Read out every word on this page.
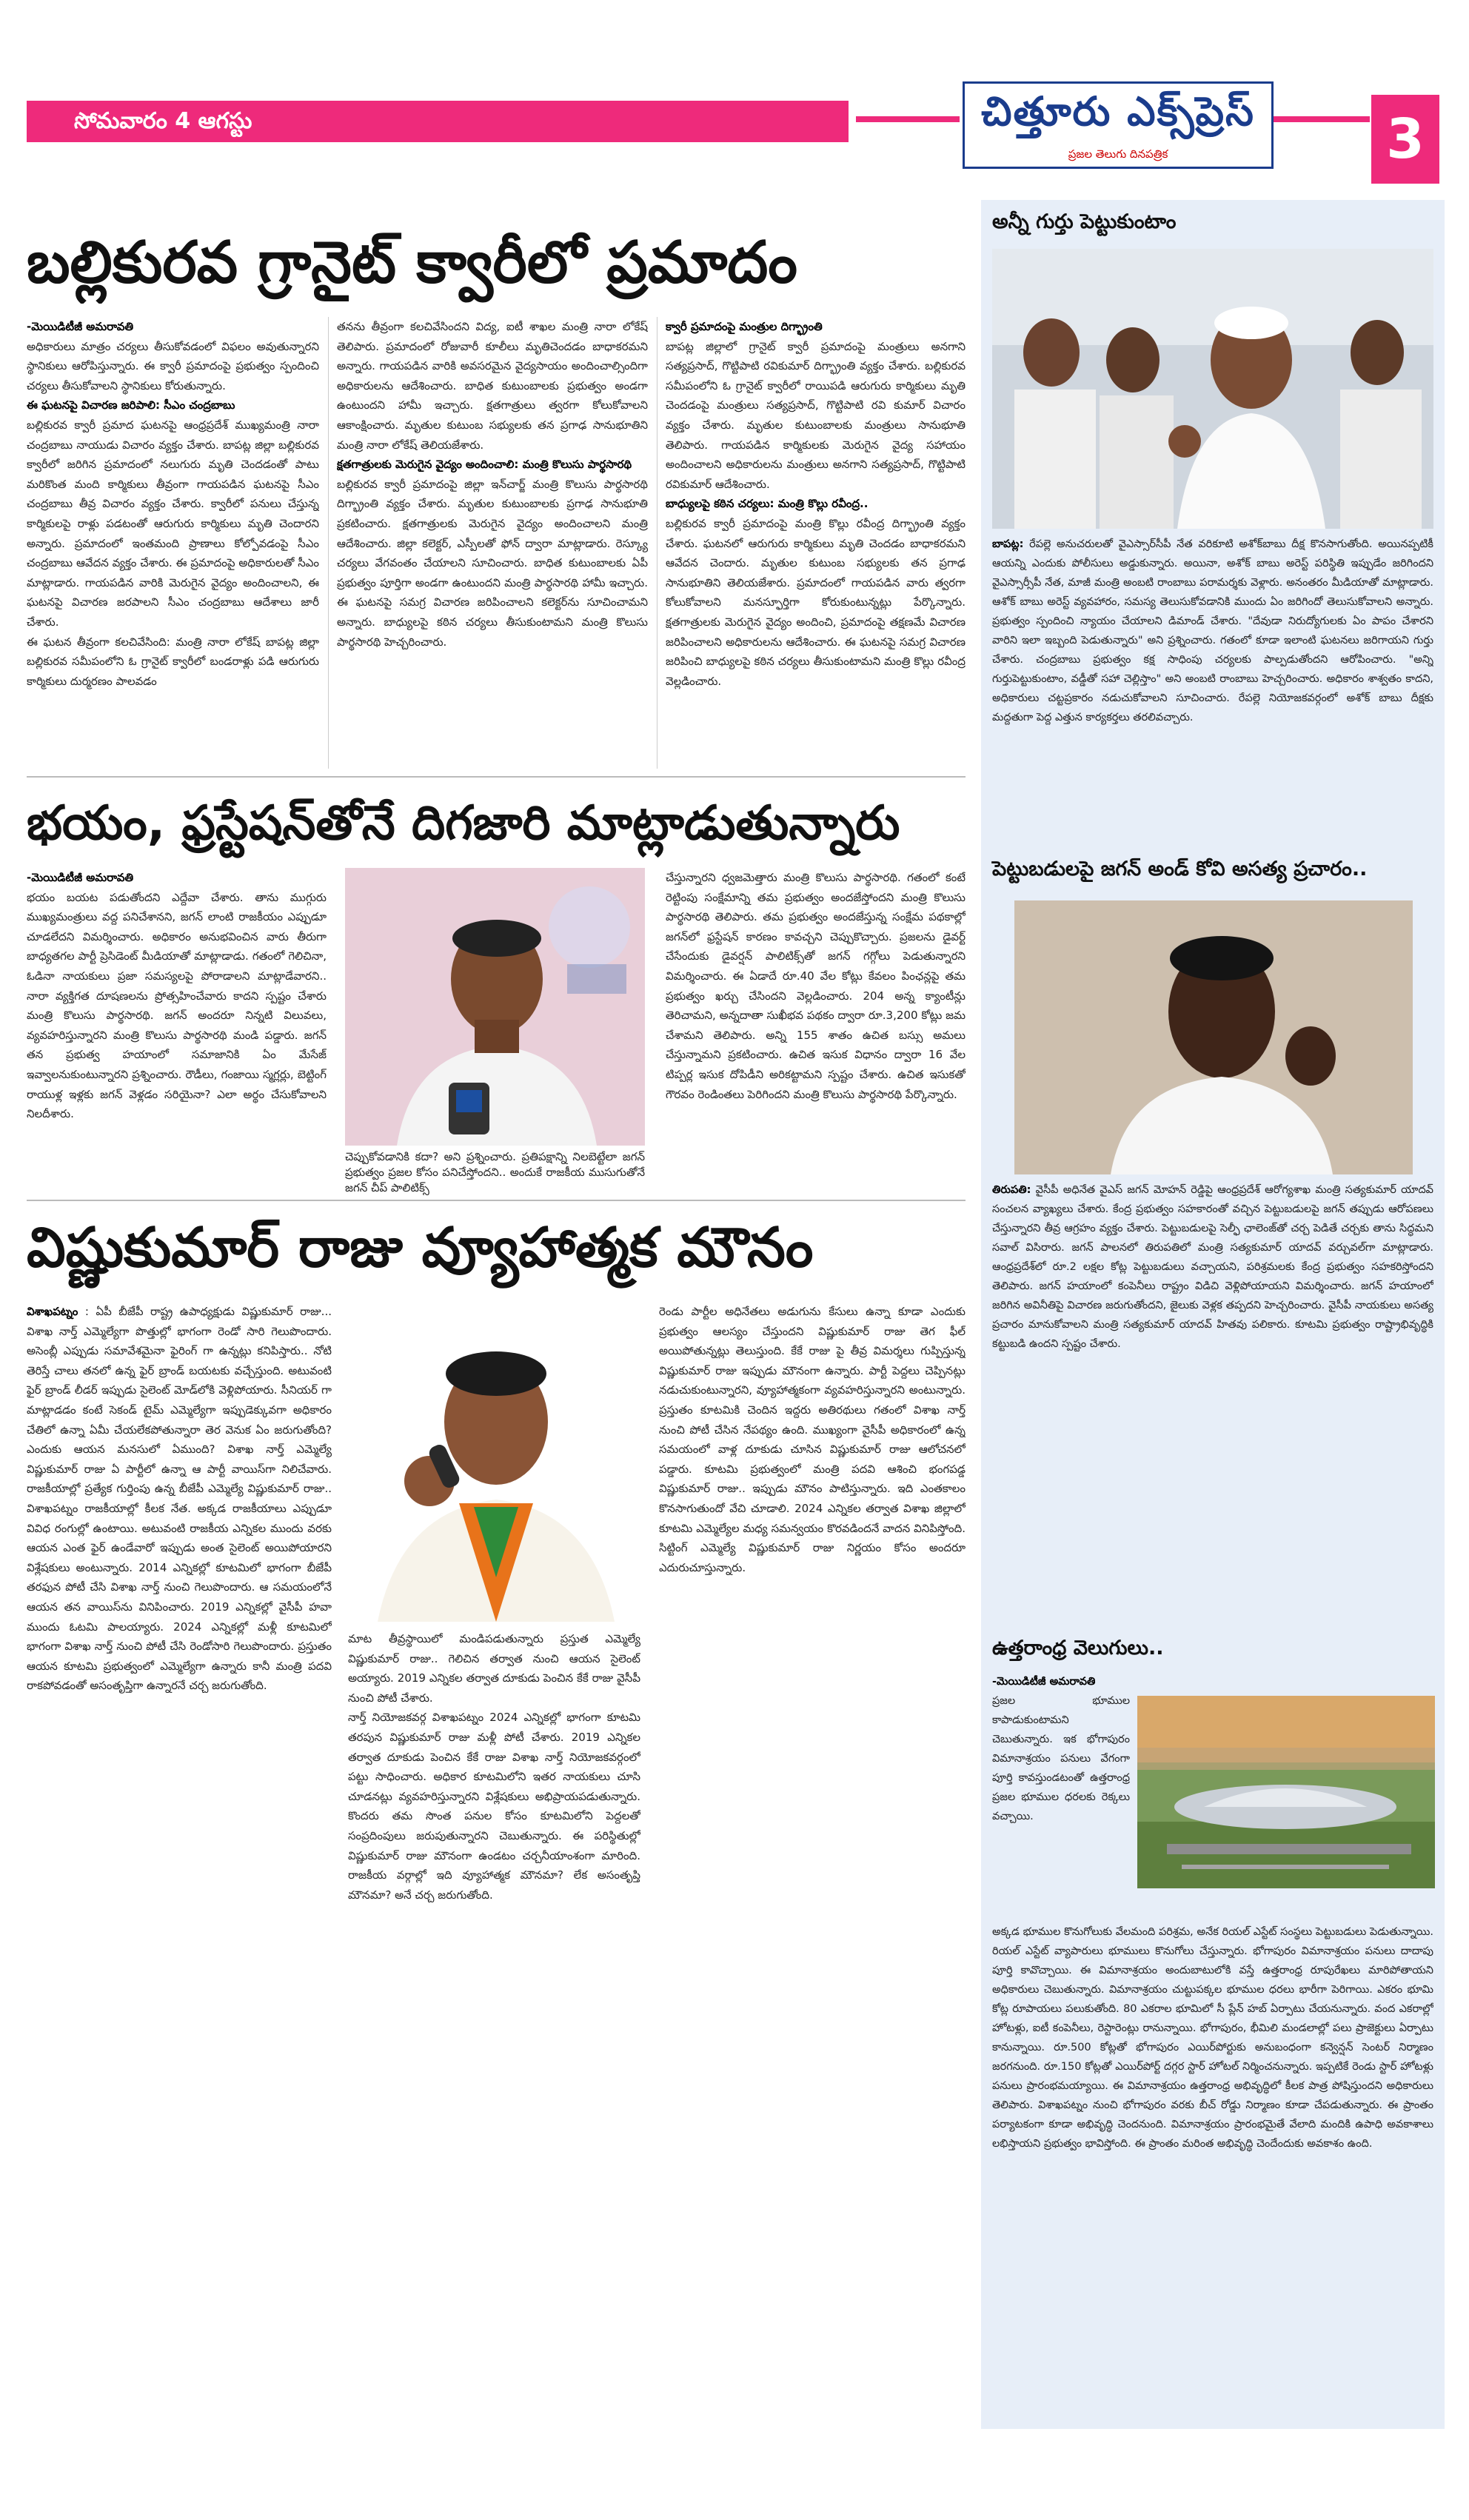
సోమవారం 4 ఆగస్టు 2025
చిత్తూరు ఎక్స్‌ప్రెస్
ప్రజల తెలుగు దినపత్రిక	3
బల్లికురవ గ్రానైట్ క్వారీలో ప్రమాదం
-మెయిడిటీజీ అమరావతి
అధికారులు మాత్రం చర్యలు తీసుకోవడంలో విఫలం అవుతున్నారని స్థానికులు ఆరోపిస్తున్నారు. ఈ క్వారీ ప్రమాదంపై ప్రభుత్వం స్పందించి చర్యలు తీసుకోవాలని స్థానికులు కోరుతున్నారు.
ఈ ఘటనపై విచారణ జరిపాలి: సీఎం చంద్రబాబు
బల్లికురవ క్వారీ ప్రమాద ఘటనపై ఆంధ్రప్రదేశ్ ముఖ్యమంత్రి నారా చంద్రబాబు నాయుడు విచారం వ్యక్తం చేశారు. బాపట్ల జిల్లా బల్లికురవ క్వారీలో జరిగిన ప్రమాదంలో నలుగురు మృతి చెందడంతో పాటు మరికొంత మంది కార్మికులు తీవ్రంగా గాయపడిన ఘటనపై సీఎం చంద్రబాబు తీవ్ర విచారం వ్యక్తం చేశారు. క్వారీలో పనులు చేస్తున్న కార్మికులపై రాళ్లు పడటంతో ఆరుగురు కార్మికులు మృతి చెందారని అన్నారు. ప్రమాదంలో ఇంతమంది ప్రాణాలు కోల్పోవడంపై సీఎం చంద్రబాబు ఆవేదన వ్యక్తం చేశారు. ఈ ప్రమాదంపై అధికారులతో సీఎం మాట్లాడారు. గాయపడిన వారికి మెరుగైన వైద్యం అందించాలని, ఈ ఘటనపై విచారణ జరపాలని సీఎం చంద్రబాబు ఆదేశాలు జారీ చేశారు.
ఈ ఘటన తీవ్రంగా కలచివేసింది: మంత్రి నారా లోకేష్ బాపట్ల జిల్లా బల్లికురవ సమీపంలోని ఓ గ్రానైట్ క్వారీలో బండరాళ్లు పడి ఆరుగురు కార్మికులు దుర్మరణం పాలవడం
తనను తీవ్రంగా కలచివేసిందని విద్య, ఐటీ శాఖల మంత్రి నారా లోకేష్ తెలిపారు. ప్రమాదంలో రోజువారీ కూలీలు మృతిచెందడం బాధాకరమని అన్నారు. గాయపడిన వారికి అవసరమైన వైద్యసాయం అందించాల్సిందిగా అధికారులను ఆదేశించారు. బాధిత కుటుంబాలకు ప్రభుత్వం అండగా ఉంటుందని హామీ ఇచ్చారు. క్షతగాత్రులు త్వరగా కోలుకోవాలని ఆకాంక్షించారు. మృతుల కుటుంబ సభ్యులకు తన ప్రగాఢ సానుభూతిని మంత్రి నారా లోకేష్ తెలియజేశారు.
క్షతగాత్రులకు మెరుగైన వైద్యం అందించాలి: మంత్రి కొలుసు పార్థసారథి
బల్లికురవ క్వారీ ప్రమాదంపై జిల్లా ఇన్‌చార్జ్ మంత్రి కొలుసు పార్థసారథి దిగ్భ్రాంతి వ్యక్తం చేశారు. మృతుల కుటుంబాలకు ప్రగాఢ సానుభూతి ప్రకటించారు. క్షతగాత్రులకు మెరుగైన వైద్యం అందించాలని మంత్రి ఆదేశించారు. జిల్లా కలెక్టర్, ఎస్పీలతో ఫోన్ ద్వారా మాట్లాడారు. రెస్క్యూ చర్యలు వేగవంతం చేయాలని సూచించారు. బాధిత కుటుంబాలకు ఏపీ ప్రభుత్వం పూర్తిగా అండగా ఉంటుందని మంత్రి పార్థసారథి హామీ ఇచ్చారు. ఈ ఘటనపై సమగ్ర విచారణ జరిపించాలని కలెక్టర్‌ను సూచించామని అన్నారు. బాధ్యులపై కఠిన చర్యలు తీసుకుంటామని మంత్రి కొలుసు పార్థసారథి హెచ్చరించారు.
క్వారీ ప్రమాదంపై మంత్రుల దిగ్భ్రాంతి
బాపట్ల జిల్లాలో గ్రానైట్ క్వారీ ప్రమాదంపై మంత్రులు అనగాని సత్యప్రసాద్, గొట్టిపాటి రవికుమార్ దిగ్భ్రాంతి వ్యక్తం చేశారు. బల్లికురవ సమీపంలోని ఓ గ్రానైట్ క్వారీలో రాయిపడి ఆరుగురు కార్మికులు మృతి చెందడంపై మంత్రులు సత్యప్రసాద్, గొట్టిపాటి రవి కుమార్ విచారం వ్యక్తం చేశారు. మృతుల కుటుంబాలకు మంత్రులు సానుభూతి తెలిపారు. గాయపడిన కార్మికులకు మెరుగైన వైద్య సహాయం అందించాలని అధికారులను మంత్రులు అనగాని సత్యప్రసాద్, గొట్టిపాటి రవికుమార్ ఆదేశించారు.
బాధ్యులపై కఠిన చర్యలు: మంత్రి కొల్లు రవీంద్ర..
బల్లికురవ క్వారీ ప్రమాదంపై మంత్రి కొల్లు రవీంద్ర దిగ్భ్రాంతి వ్యక్తం చేశారు. ఘటనలో ఆరుగురు కార్మికులు మృతి చెందడం బాధాకరమని ఆవేదన చెందారు. మృతుల కుటుంబ సభ్యులకు తన ప్రగాఢ సానుభూతిని తెలియజేశారు. ప్రమాదంలో గాయపడిన వారు త్వరగా కోలుకోవాలని మనస్ఫూర్తిగా కోరుకుంటున్నట్లు పేర్కొన్నారు. క్షతగాత్రులకు మెరుగైన వైద్యం అందించి, ప్రమాదంపై తక్షణమే విచారణ జరిపించాలని అధికారులను ఆదేశించారు. ఈ ఘటనపై సమగ్ర విచారణ జరిపించి బాధ్యులపై కఠిన చర్యలు తీసుకుంటామని మంత్రి కొల్లు రవీంద్ర వెల్లడించారు.
భయం, ఫ్రస్టేషన్‌తోనే దిగజారి మాట్లాడుతున్నారు
-మెయిడిటీజీ అమరావతి
భయం బయట పడుతోందని ఎద్దేవా చేశారు. తాను ముగ్గురు ముఖ్యమంత్రులు వద్ద పనిచేశానని, జగన్ లాంటి రాజకీయం ఎప్పుడూ చూడలేదని విమర్శించారు. అధికారం అనుభవించిన వారు తీరుగా బాధ్యతగల పార్టీ ప్రెసిడెంట్ మీడియాతో మాట్లాడాడు. గతంలో గెలిచినా, ఓడినా నాయకులు ప్రజా సమస్యలపై పోరాడాలని మాట్లాడేవారని.. నారా వ్యక్తిగత దూషణలను ప్రోత్సహించేవారు కాదని స్పష్టం చేశారు మంత్రి కొలుసు పార్థసారథి. జగన్ అందరూ నిన్నటి విలువలు, వ్యవహరిస్తున్నారని మంత్రి కొలుసు పార్థసారథి మండి పడ్డారు. జగన్ తన ప్రభుత్వ హయాంలో సమాజానికి ఏం మేసేజ్ ఇవ్వాలనుకుంటున్నారని ప్రశ్నించారు. రౌడీలు, గంజాయి స్మగ్లర్లు, బెట్టింగ్ రాయుళ్ల ఇళ్లకు జగన్ వెళ్లడం సరియైనా? ఎలా అర్థం చేసుకోవాలని నిలదీశారు.
చెప్పుకోవడానికి కదా? అని ప్రశ్నించారు. ప్రతిపక్షాన్ని నిలబెట్టేలా జగన్ ప్రభుత్వం ప్రజల కోసం పనిచేస్తోందని.. అందుకే రాజకీయ ముసుగుతోనే జగన్ చీప్ పాలిటిక్స్
చేస్తున్నారని ధ్వజమెత్తారు మంత్రి కొలుసు పార్థసారథి. గతంలో కంటే రెట్టింపు సంక్షేమాన్ని తమ ప్రభుత్వం అందజేస్తోందని మంత్రి కొలుసు పార్థసారథి తెలిపారు. తమ ప్రభుత్వం అందజేస్తున్న సంక్షేమ పథకాల్లో జగన్‌లో ఫ్రస్టేషన్ కారణం కావచ్చని చెప్పుకొచ్చారు. ప్రజలను డైవర్ట్ చేసేందుకు డైవర్షన్ పాలిటిక్స్‌తో జగన్ గగ్గోలు పెడుతున్నారని విమర్శించారు. ఈ ఏడాదే రూ.40 వేల కోట్లు కేవలం పింఛన్లపై తమ ప్రభుత్వం ఖర్చు చేసిందని వెల్లడించారు. 204 అన్న క్యాంటీన్లు తెరిచామని, అన్నదాతా సుఖీభవ పథకం ద్వారా రూ.3,200 కోట్లు జమ చేశామని తెలిపారు. అన్ని 155 శాతం ఉచిత బస్సు అమలు చేస్తున్నామని ప్రకటించారు. ఉచిత ఇసుక విధానం ద్వారా 16 వేల టిప్పర్ల ఇసుక దోపిడీని అరికట్టామని స్పష్టం చేశారు. ఉచిత ఇసుకతో గౌరవం రెండింతలు పెరిగిందని మంత్రి కొలుసు పార్థసారథి పేర్కొన్నారు.
విష్ణుకుమార్ రాజు వ్యూహాత్మక మౌనం
విశాఖపట్నం : ఏపీ బీజేపీ రాష్ట్ర ఉపాధ్యక్షుడు విష్ణుకుమార్ రాజు... విశాఖ నార్త్ ఎమ్మెల్యేగా పొత్తుల్లో భాగంగా రెండో సారి గెలుపొందారు. అసెంబ్లీ ఎప్పుడు సమావేశమైనా ఫైరింగ్ గా ఉన్నట్లు కనిపిస్తారు.. నోటి తెరిస్తే చాలు తనలో ఉన్న ఫైర్ బ్రాండ్ బయటకు వచ్చేస్తుంది. అటువంటి ఫైర్ బ్రాండ్ లీడర్ ఇప్పుడు సైలెంట్ మోడ్‌లోకి వెళ్లిపోయారు. సీనియర్ గా మాట్లాడడం కంటే సెకండ్ టైమ్ ఎమ్మెల్యేగా ఇప్పుడెక్కువగా అధికారం చేతిలో ఉన్నా ఏమీ చేయలేకపోతున్నారా తెర వెనుక ఏం జరుగుతోంది? ఎందుకు ఆయన మనసులో ఏముంది? విశాఖ నార్త్ ఎమ్మెల్యే విష్ణుకుమార్ రాజు ఏ పార్టీలో ఉన్నా ఆ పార్టీ వాయిస్‌గా నిలిచేవారు. రాజకీయాల్లో ప్రత్యేక గుర్తింపు ఉన్న బీజేపీ ఎమ్మెల్యే విష్ణుకుమార్ రాజు.. విశాఖపట్నం రాజకీయాల్లో కీలక నేత. అక్కడ రాజకీయాలు ఎప్పుడూ వివిధ రంగుల్లో ఉంటాయి. అటువంటి రాజకీయ ఎన్నికల ముందు వరకు ఆయన ఎంత ఫైర్ ఉండేవారో ఇప్పుడు అంత సైలెంట్ అయిపోయారని విశ్లేషకులు అంటున్నారు. 2014 ఎన్నికల్లో కూటమిలో భాగంగా బీజేపీ తరఫున పోటీ చేసి విశాఖ నార్త్ నుంచి గెలుపొందారు. ఆ సమయంలోనే ఆయన తన వాయిస్‌ను వినిపించారు. 2019 ఎన్నికల్లో వైసీపీ హవా ముందు ఓటమి పాలయ్యారు. 2024 ఎన్నికల్లో మళ్లీ కూటమిలో భాగంగా విశాఖ నార్త్ నుంచి పోటీ చేసి రెండోసారి గెలుపొందారు. ప్రస్తుతం ఆయన కూటమి ప్రభుత్వంలో ఎమ్మెల్యేగా ఉన్నారు కానీ మంత్రి పదవి రాకపోవడంతో అసంతృప్తిగా ఉన్నారనే చర్చ జరుగుతోంది.
మాట తీవ్రస్థాయిలో మండిపడుతున్నారు ప్రస్తుత ఎమ్మెల్యే విష్ణుకుమార్ రాజు.. గెలిచిన తర్వాత నుంచి ఆయన సైలెంట్ అయ్యారు. 2019 ఎన్నికల తర్వాత దూకుడు పెంచిన కేకే రాజు వైసీపీ నుంచి పోటీ చేశారు.
నార్త్ నియోజకవర్గ విశాఖపట్నం 2024 ఎన్నికల్లో భాగంగా కూటమి తరపున విష్ణుకుమార్ రాజు మళ్లీ పోటీ చేశారు. 2019 ఎన్నికల తర్వాత దూకుడు పెంచిన కేకే రాజు విశాఖ నార్త్ నియోజకవర్గంలో పట్టు సాధించారు. అధికార కూటమిలోని ఇతర నాయకులు చూసి చూడనట్లు వ్యవహరిస్తున్నారని విశ్లేషకులు అభిప్రాయపడుతున్నారు. కొందరు తమ సొంత పనుల కోసం కూటమిలోని పెద్దలతో సంప్రదింపులు జరుపుతున్నారని చెబుతున్నారు. ఈ పరిస్థితుల్లో విష్ణుకుమార్ రాజు మౌనంగా ఉండటం చర్చనీయాంశంగా మారింది. రాజకీయ వర్గాల్లో ఇది వ్యూహాత్మక మౌనమా? లేక అసంతృప్తి మౌనమా? అనే చర్చ జరుగుతోంది.
రెండు పార్టీల అధినేతలు అడుగును కేసులు ఉన్నా కూడా ఎందుకు ప్రభుత్వం ఆలస్యం చేస్తుందని విష్ణుకుమార్ రాజు తెగ ఫీల్ అయిపోతున్నట్లు తెలుస్తుంది. కేకే రాజు పై తీవ్ర విమర్శలు గుప్పిస్తున్న విష్ణుకుమార్ రాజు ఇప్పుడు మౌనంగా ఉన్నారు. పార్టీ పెద్దలు చెప్పినట్లు నడుచుకుంటున్నారని, వ్యూహాత్మకంగా వ్యవహరిస్తున్నారని అంటున్నారు. ప్రస్తుతం కూటమికి చెందిన ఇద్దరు అతిరథులు గతంలో విశాఖ నార్త్ నుంచి పోటీ చేసిన నేపథ్యం ఉంది. ముఖ్యంగా వైసీపీ అధికారంలో ఉన్న సమయంలో వాళ్ల దూకుడు చూసిన విష్ణుకుమార్ రాజు ఆలోచనలో పడ్డారు. కూటమి ప్రభుత్వంలో మంత్రి పదవి ఆశించి భంగపడ్డ విష్ణుకుమార్ రాజు.. ఇప్పుడు మౌనం పాటిస్తున్నారు. ఇది ఎంతకాలం కొనసాగుతుందో వేచి చూడాలి. 2024 ఎన్నికల తర్వాత విశాఖ జిల్లాలో కూటమి ఎమ్మెల్యేల మధ్య సమన్వయం కొరవడిందనే వాదన వినిపిస్తోంది. సిట్టింగ్ ఎమ్మెల్యే విష్ణుకుమార్ రాజు నిర్ణయం కోసం అందరూ ఎదురుచూస్తున్నారు.
అన్నీ గుర్తు పెట్టుకుంటాం
బాపట్ల: రేపల్లె అనుచరులతో వైఎస్సార్‌సీపీ నేత వరికూటి అశోక్‌బాబు దీక్ష కొనసాగుతోంది. అయినప్పటికీ ఆయన్ని ఎందుకు పోలీసులు అడ్డుకున్నారు. అయినా, అశోక్ బాబు అరెస్ట్ పరిస్థితి ఇప్పుడేం జరిగిందని వైఎస్సార్సీపీ నేత, మాజీ మంత్రి అంబటి రాంబాబు పరామర్శకు వెళ్లారు. అనంతరం మీడియాతో మాట్లాడారు. ఆశోక్ బాబు అరెస్ట్ వ్యవహారం, సమస్య తెలుసుకోవడానికి ముందు ఏం జరిగిందో తెలుసుకోవాలని అన్నారు. ప్రభుత్వం స్పందించి న్యాయం చేయాలని డిమాండ్ చేశారు. "దేవుడా నిరుద్యోగులకు ఏం పాపం చేశారని వారిని ఇలా ఇబ్బంది పెడుతున్నారు" అని ప్రశ్నించారు. గతంలో కూడా ఇలాంటి ఘటనలు జరిగాయని గుర్తు చేశారు. చంద్రబాబు ప్రభుత్వం కక్ష సాధింపు చర్యలకు పాల్పడుతోందని ఆరోపించారు. "అన్ని గుర్తుపెట్టుకుంటాం, వడ్డీతో సహా చెల్లిస్తాం" అని అంబటి రాంబాబు హెచ్చరించారు. అధికారం శాశ్వతం కాదని, అధికారులు చట్టప్రకారం నడుచుకోవాలని సూచించారు. రేపల్లె నియోజకవర్గంలో అశోక్ బాబు దీక్షకు మద్దతుగా పెద్ద ఎత్తున కార్యకర్తలు తరలివచ్చారు.
పెట్టుబడులపై జగన్ అండ్ కోవి అసత్య ప్రచారం..
తిరుపతి: వైసీపీ అధినేత వైఎస్ జగన్ మోహన్ రెడ్డిపై ఆంధ్రప్రదేశ్ ఆరోగ్యశాఖ మంత్రి సత్యకుమార్ యాదవ్ సంచలన వ్యాఖ్యలు చేశారు. కేంద్ర ప్రభుత్వం సహకారంతో వచ్చిన పెట్టుబడులపై జగన్ తప్పుడు ఆరోపణలు చేస్తున్నారని తీవ్ర ఆగ్రహం వ్యక్తం చేశారు. పెట్టుబడులపై సెల్ఫీ ఛాలెంజ్‌తో చర్చ పెడితే చర్చకు తాను సిద్ధమని సవాల్ విసిరారు. జగన్ పాలనలో తిరుపతిలో మంత్రి సత్యకుమార్ యాదవ్ వర్చువల్‌గా మాట్లాడారు. ఆంధ్రప్రదేశ్‌లో రూ.2 లక్షల కోట్ల పెట్టుబడులు వచ్చాయని, పరిశ్రమలకు కేంద్ర ప్రభుత్వం సహకరిస్తోందని తెలిపారు. జగన్ హయాంలో కంపెనీలు రాష్ట్రం విడిచి వెళ్లిపోయాయని విమర్శించారు. జగన్ హయాంలో జరిగిన అవినీతిపై విచారణ జరుగుతోందని, జైలుకు వెళ్లక తప్పదని హెచ్చరించారు. వైసీపీ నాయకులు అసత్య ప్రచారం మానుకోవాలని మంత్రి సత్యకుమార్ యాదవ్ హితవు పలికారు. కూటమి ప్రభుత్వం రాష్ట్రాభివృద్ధికి కట్టుబడి ఉందని స్పష్టం చేశారు.
ఉత్తరాంధ్ర వెలుగులు..
-మెయిడిటీజీ అమరావతి
ప్రజల భూముల కాపాడుకుంటామని చెబుతున్నారు. ఇక భోగాపురం విమానాశ్రయం పనులు వేగంగా పూర్తి కావస్తుండటంతో ఉత్తరాంధ్ర ప్రజల భూముల ధరలకు రెక్కలు వచ్చాయి.
అక్కడ భూముల కొనుగోలుకు వేలమంది పరిశ్రమ, అనేక రియల్ ఎస్టేట్ సంస్థలు పెట్టుబడులు పెడుతున్నాయి. రియల్ ఎస్టేట్ వ్యాపారులు భూములు కొనుగోలు చేస్తున్నారు. భోగాపురం విమానాశ్రయం పనులు దాదాపు పూర్తి కావొచ్చాయి. ఈ విమానాశ్రయం అందుబాటులోకి వస్తే ఉత్తరాంధ్ర రూపురేఖలు మారిపోతాయని అధికారులు చెబుతున్నారు. విమానాశ్రయం చుట్టుపక్కల భూముల ధరలు భారీగా పెరిగాయి. ఎకరం భూమి కోట్ల రూపాయలు పలుకుతోంది. 80 ఎకరాల భూమిలో సీ ప్లేన్ హబ్ ఏర్పాటు చేయనున్నారు. వంద ఎకరాల్లో హోటళ్లు, ఐటీ కంపెనీలు, రెస్టారెంట్లు రానున్నాయి. భోగాపురం, భీమిలి మండలాల్లో పలు ప్రాజెక్టులు ఏర్పాటు కానున్నాయి. రూ.500 కోట్లతో భోగాపురం ఎయిర్‌పోర్టుకు అనుబంధంగా కన్వెన్షన్ సెంటర్ నిర్మాణం జరగనుంది. రూ.150 కోట్లతో ఎయిర్‌పోర్ట్ దగ్గర స్టార్ హోటల్ నిర్మించనున్నారు. ఇప్పటికే రెండు స్టార్ హోటళ్లు పనులు ప్రారంభమయ్యాయి. ఈ విమానాశ్రయం ఉత్తరాంధ్ర అభివృద్ధిలో కీలక పాత్ర పోషిస్తుందని అధికారులు తెలిపారు. విశాఖపట్నం నుంచి భోగాపురం వరకు బీచ్ రోడ్డు నిర్మాణం కూడా చేపడుతున్నారు. ఈ ప్రాంతం పర్యాటకంగా కూడా అభివృద్ధి చెందనుంది. విమానాశ్రయం ప్రారంభమైతే వేలాది మందికి ఉపాధి అవకాశాలు లభిస్తాయని ప్రభుత్వం భావిస్తోంది. ఈ ప్రాంతం మరింత అభివృద్ధి చెందేందుకు అవకాశం ఉంది.
